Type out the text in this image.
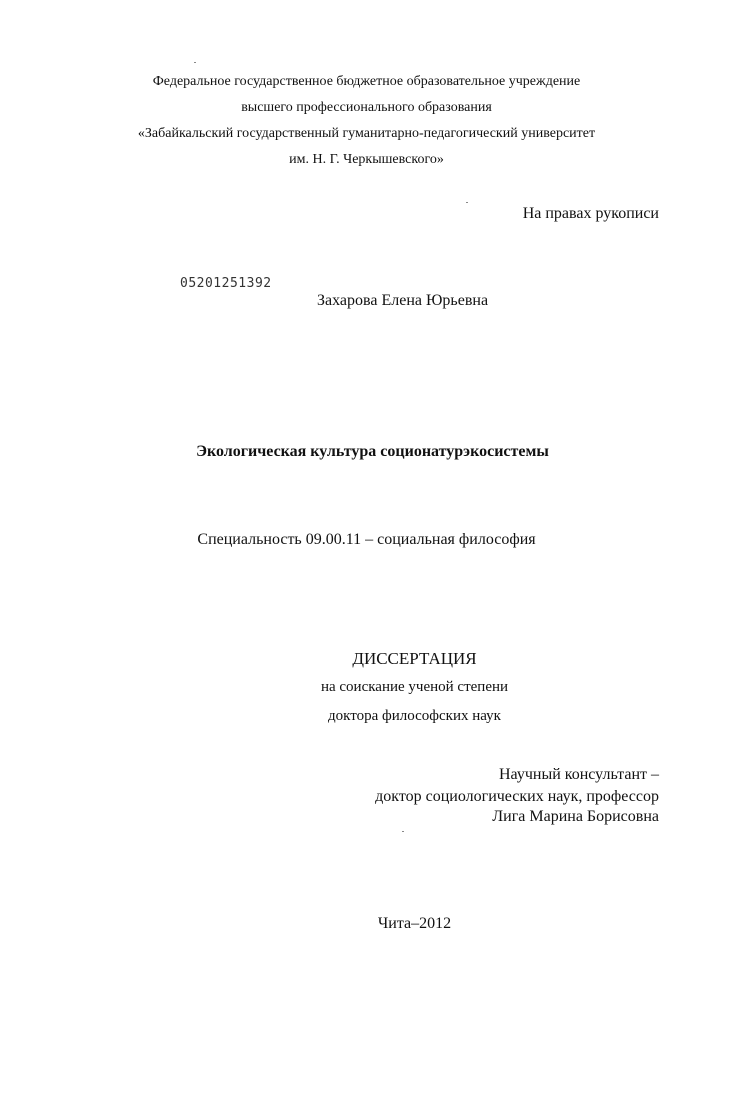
Федеральное государственное бюджетное образовательное учреждение
высшего профессионального образования
«Забайкальский государственный гуманитарно-педагогический университет
им. Н. Г. Черкышевского»
На правах рукописи
05201251392
Захарова Елена Юрьевна
Экологическая культура соционатурэкосистемы
Специальность 09.00.11 – социальная философия
ДИССЕРТАЦИЯ
на соискание ученой степени
доктора философских наук
Научный консультант –
доктор социологических наук, профессор
Лига Марина Борисовна
Чита–2012
